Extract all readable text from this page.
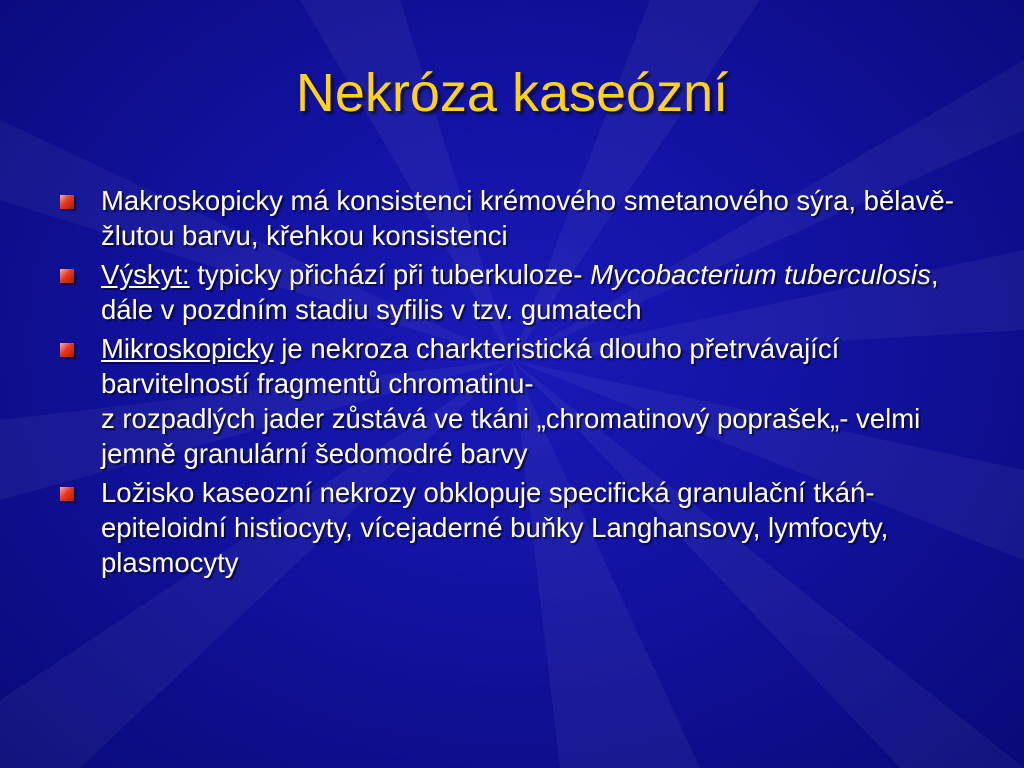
Nekróza kaseózní
Makroskopicky má konsistenci krémového smetanového sýra, bělavě-žlutou barvu, křehkou konsistenci
Výskyt: typicky přichází při tuberkuloze- Mycobacterium tuberculosis, dále v pozdním stadiu syfilis v tzv. gumatech
Mikroskopicky je nekroza charkteristická dlouho přetrvávající barvitelností fragmentů chromatinu-
z rozpadlých jader zůstává ve tkáni „chromatinový poprašek„- velmi jemně granulární šedomodré barvy
Ložisko kaseozní nekrozy obklopuje specifická granulační tkáń-epiteloidní histiocyty, vícejaderné buňky Langhansovy, lymfocyty, plasmocyty
